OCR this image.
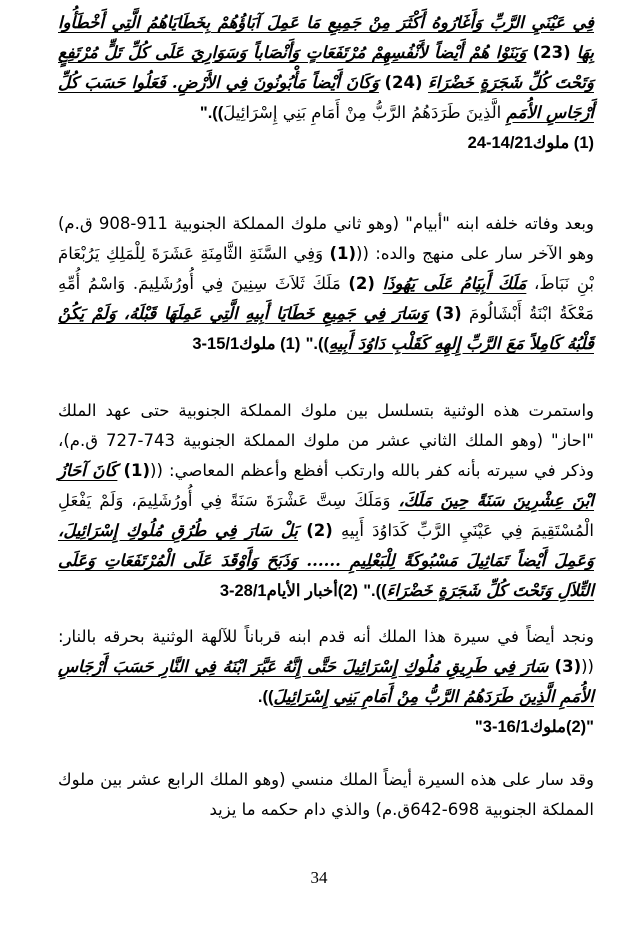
فِي عَيْنَيِ الرَّبِّ وَأَغَارُوهُ أَكْثَرَ مِنْ جَمِيعِ مَا عَمِلَ آبَاؤُهُمْ بِخَطَايَاهُمُ الَّتِي أَخْطَأُوا بِهَا (23) وَبَنَوْا هُمْ أَيْضاً لأَنْفُسِهِمْ مُرْتَفَعَاتٍ وَأَنْصَاباً وَسَوَارِيَ عَلَى كُلِّ تَلٍّ مُرْتَفِعٍ وَتَحْتَ كُلِّ شَجَرَةٍ خَضْرَاءَ (24) وَكَانَ أَيْضاً مَأْبُونُونَ فِي الأَرْضِ. فَعَلُوا حَسَبَ كُلِّ أَرْجَاسِ الأُمَمِ الَّذِينَ طَرَدَهُمُ الرَّبُّ مِنْ أَمَامِ بَنِي إِسْرَائِيلَ))."
(1) ملوك14/21-24
وبعد وفاته خلفه ابنه "أبيام" (وهو ثاني ملوك المملكة الجنوبية 911-908 ق.م) وهو الآخر سار على منهج والده: (((1) وَفِي السَّنَةِ الثَّامِنَةِ عَشَرَةَ لِلْمَلِكِ يَرُبْعَامَ بْنِ نَبَاطَ، مَلَكَ أَبِيَامُ عَلَى يَهُوذَا (2) مَلَكَ ثَلاَثَ سِنِينَ فِي أُورُشَلِيمَ. وَاسْمُ أُمِّهِ مَعْكَةُ ابْنَةُ أَبْشَالُومَ (3) وَسَارَ فِي جَمِيعِ خَطَايَا أَبِيهِ الَّتِي عَمِلَهَا قَبْلَهُ، وَلَمْ يَكُنْ قَلْبُهُ كَامِلاً مَعَ الرَّبِّ إِلهِهِ كَقَلْبِ دَاوُدَ أَبِيهِ))." (1) ملوك15/1-3
واستمرت هذه الوثنية بتسلسل بين ملوك المملكة الجنوبية حتى عهد الملك "احاز" (وهو الملك الثاني عشر من ملوك المملكة الجنوبية 743-727 ق.م)، وذكر في سيرته بأنه كفر بالله وارتكب أفظع وأعظم المعاصي: (((1) كَانَ آحَازُ ابْنَ عِشْرِينَ سَنَةً حِينَ مَلَكَ، وَمَلَكَ سِتَّ عَشْرَةَ سَنَةً فِي أُورُشَلِيمَ، وَلَمْ يَفْعَلِ الْمُسْتَقِيمَ فِي عَيْنَيِ الرَّبِّ كَدَاوُدَ أَبِيهِ (2) بَلْ سَارَ فِي طُرُقِ مُلُوكِ إِسْرَائِيلَ، وَعَمِلَ أَيْضاً تَمَاثِيلَ مَسْبُوكَةً لِلْبَعْلِيمِ ...... وَذَبَحَ وَأَوْقَدَ عَلَى الْمُرْتَفَعَاتِ وَعَلَى التِّلاَلِ وَتَحْتَ كُلِّ شَجَرَةٍ خَضْرَاءَ))." (2)أخبار الأيام28/1-3
ونجد أيضاً في سيرة هذا الملك أنه قدم ابنه قرباناً للآلهة الوثنية بحرقه بالنار: (((3) سَارَ فِي طَرِيقِ مُلُوكِ إِسْرَائِيلَ حَتَّى إِنَّهُ عَبَّرَ ابْنَهُ فِي النَّارِ حَسَبَ أَرْجَاسِ الأُمَمِ الَّذِينَ طَرَدَهُمُ الرَّبُّ مِنْ أَمَامِ بَنِي إِسْرَائِيلَ)).
"(2)ملوك16/1-3"
وقد سار على هذه السيرة أيضاً الملك منسي (وهو الملك الرابع عشر بين ملوك المملكة الجنوبية 698-642ق.م) والذي دام حكمه ما يزيد
34
